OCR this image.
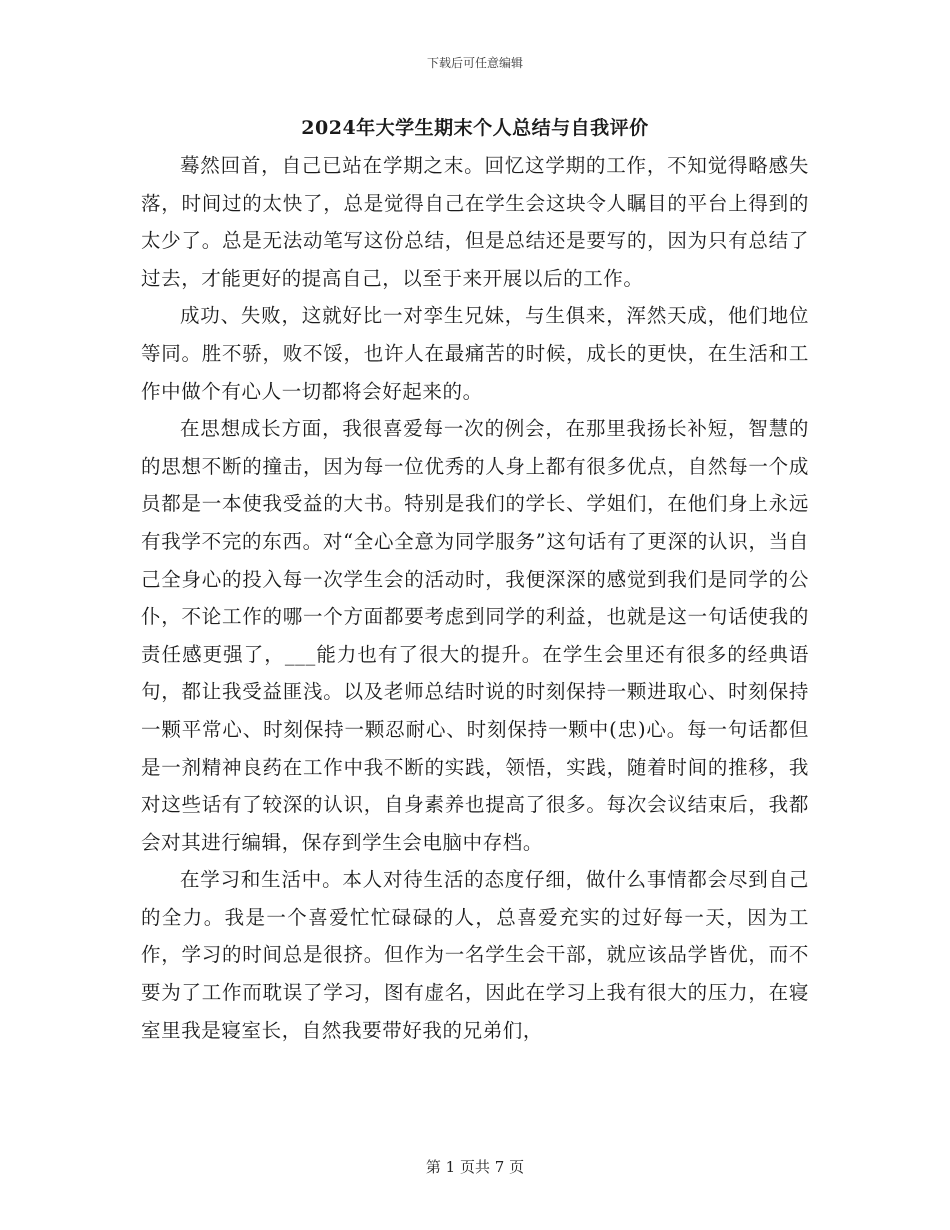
下载后可任意编辑
2024年大学生期末个人总结与自我评价

蓦然回首，自己已站在学期之末。回忆这学期的工作，不知觉得略感失落，时间过的太快了，总是觉得自己在学生会这块令人瞩目的平台上得到的太少了。总是无法动笔写这份总结，但是总结还是要写的，因为只有总结了过去，才能更好的提高自己，以至于来开展以后的工作。

成功、失败，这就好比一对孪生兄妹，与生俱来，浑然天成，他们地位等同。胜不骄，败不馁，也许人在最痛苦的时候，成长的更快，在生活和工作中做个有心人一切都将会好起来的。

在思想成长方面，我很喜爱每一次的例会，在那里我扬长补短，智慧的的思想不断的撞击，因为每一位优秀的人身上都有很多优点，自然每一个成员都是一本使我受益的大书。特别是我们的学长、学姐们，在他们身上永远有我学不完的东西。对“全心全意为同学服务”这句话有了更深的认识，当自己全身心的投入每一次学生会的活动时，我便深深的感觉到我们是同学的公仆，不论工作的哪一个方面都要考虑到同学的利益，也就是这一句话使我的责任感更强了，___能力也有了很大的提升。在学生会里还有很多的经典语句，都让我受益匪浅。以及老师总结时说的时刻保持一颗进取心、时刻保持一颗平常心、时刻保持一颗忍耐心、时刻保持一颗中(忠)心。每一句话都但是一剂精神良药在工作中我不断的实践，领悟，实践，随着时间的推移，我对这些话有了较深的认识，自身素养也提高了很多。每次会议结束后，我都会对其进行编辑，保存到学生会电脑中存档。

在学习和生活中。本人对待生活的态度仔细，做什么事情都会尽到自己的全力。我是一个喜爱忙忙碌碌的人，总喜爱充实的过好每一天，因为工作，学习的时间总是很挤。但作为一名学生会干部，就应该品学皆优，而不要为了工作而耽误了学习，图有虚名，因此在学习上我有很大的压力，在寝室里我是寝室长，自然我要带好我的兄弟们，

第 1 页共 7 页
